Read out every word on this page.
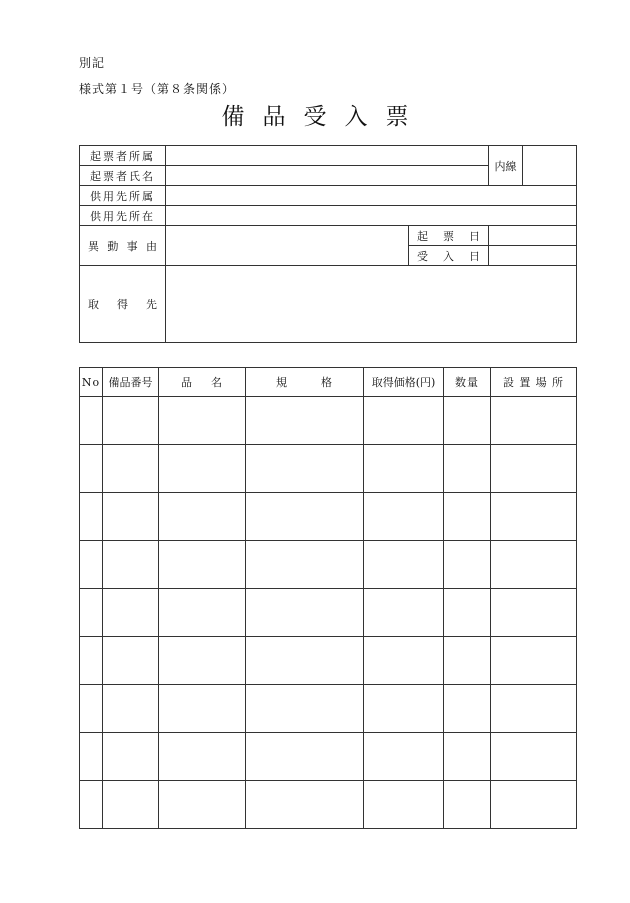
別記
様式第１号（第８条関係）
備品受入票
起票者所属			内線	
起票者氏名				
供用先所属				
供用先所在				
異動事由		起票日		
		受入日		
取得先				
No	備品番号	品名	規格	取得価格(円)	数量	設置場所
